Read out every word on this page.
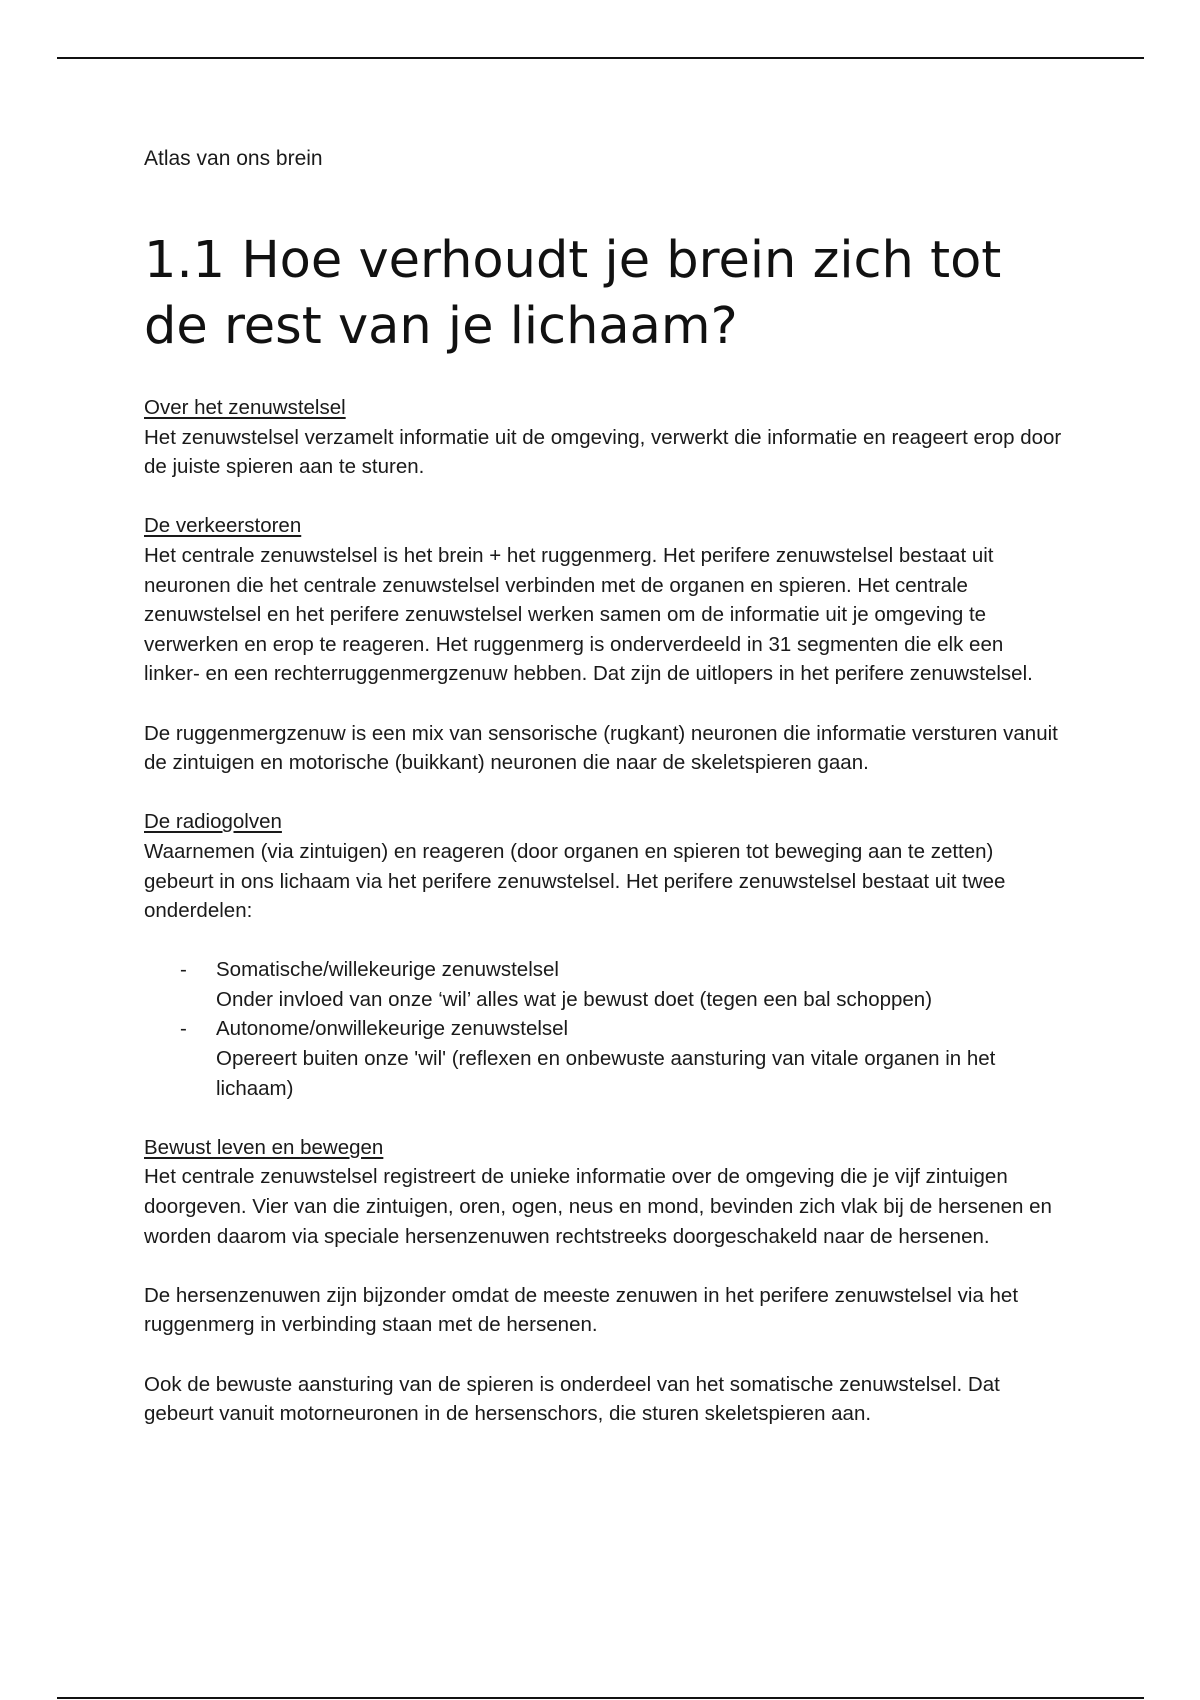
Atlas van ons brein
1.1 Hoe verhoudt je brein zich tot de rest van je lichaam?
Over het zenuwstelsel

Het zenuwstelsel verzamelt informatie uit de omgeving, verwerkt die informatie en reageert erop door de juiste spieren aan te sturen.

De verkeerstoren

Het centrale zenuwstelsel is het brein + het ruggenmerg. Het perifere zenuwstelsel bestaat uit neuronen die het centrale zenuwstelsel verbinden met de organen en spieren. Het centrale zenuwstelsel en het perifere zenuwstelsel werken samen om de informatie uit je omgeving te verwerken en erop te reageren. Het ruggenmerg is onderverdeeld in 31 segmenten die elk een linker- en een rechterruggenmergzenuw hebben. Dat zijn de uitlopers in het perifere zenuwstelsel.

De ruggenmergzenuw is een mix van sensorische (rugkant) neuronen die informatie versturen vanuit de zintuigen en motorische (buikkant) neuronen die naar de skeletspieren gaan.

De radiogolven

Waarnemen (via zintuigen) en reageren (door organen en spieren tot beweging aan te zetten) gebeurt in ons lichaam via het perifere zenuwstelsel. Het perifere zenuwstelsel bestaat uit twee onderdelen:

- Somatische/willekeurige zenuwstelsel
Onder invloed van onze ‘wil’ alles wat je bewust doet (tegen een bal schoppen)
- Autonome/onwillekeurige zenuwstelsel
Opereert buiten onze 'wil' (reflexen en onbewuste aansturing van vitale organen in het lichaam)
Bewust leven en bewegen

Het centrale zenuwstelsel registreert de unieke informatie over de omgeving die je vijf zintuigen doorgeven. Vier van die zintuigen, oren, ogen, neus en mond, bevinden zich vlak bij de hersenen en worden daarom via speciale hersenzenuwen rechtstreeks doorgeschakeld naar de hersenen.

De hersenzenuwen zijn bijzonder omdat de meeste zenuwen in het perifere zenuwstelsel via het ruggenmerg in verbinding staan met de hersenen.

Ook de bewuste aansturing van de spieren is onderdeel van het somatische zenuwstelsel. Dat gebeurt vanuit motorneuronen in de hersenschors, die sturen skeletspieren aan.
